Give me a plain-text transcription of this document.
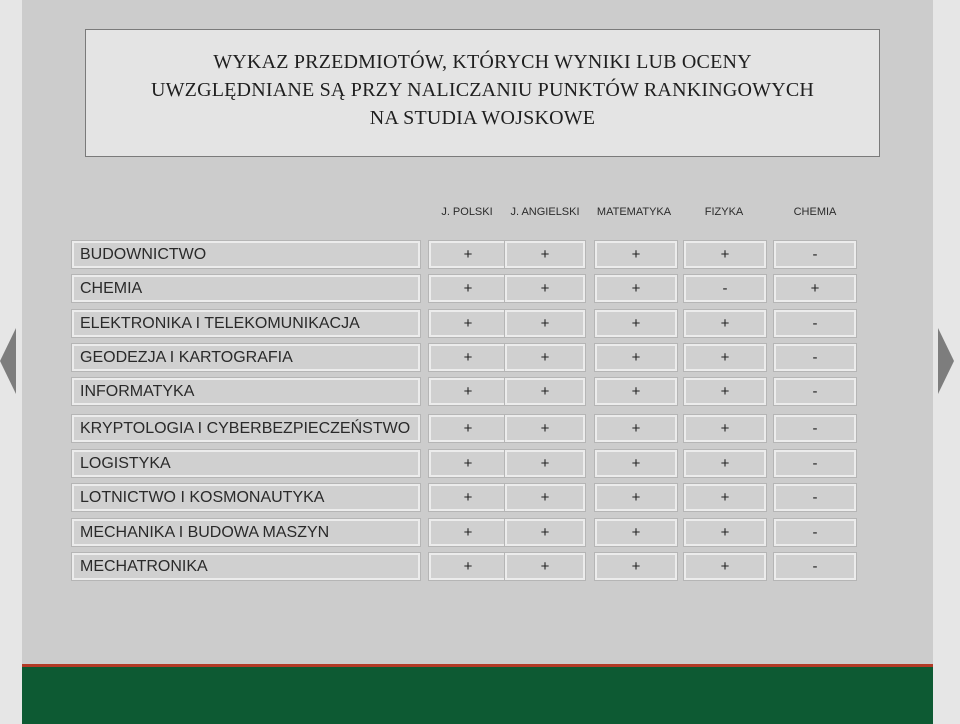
WYKAZ PRZEDMIOTÓW, KTÓRYCH WYNIKI LUB OCENY
UWZGLĘDNIANE SĄ PRZY NALICZANIU PUNKTÓW RANKINGOWYCH
NA STUDIA WOJSKOWE
J. POLSKI	J. ANGIELSKI	MATEMATYKA	FIZYKA	CHEMIA
BUDOWNICTWO	+	+	+	+	-
CHEMIA	+	+	+	-	+
ELEKTRONIKA I TELEKOMUNIKACJA	+	+	+	+	-
GEODEZJA I KARTOGRAFIA	+	+	+	+	-
INFORMATYKA	+	+	+	+	-
KRYPTOLOGIA I CYBERBEZPIECZEŃSTWO	+	+	+	+	-
LOGISTYKA	+	+	+	+	-
LOTNICTWO I KOSMONAUTYKA	+	+	+	+	-
MECHANIKA I BUDOWA MASZYN	+	+	+	+	-
MECHATRONIKA	+	+	+	+	-
